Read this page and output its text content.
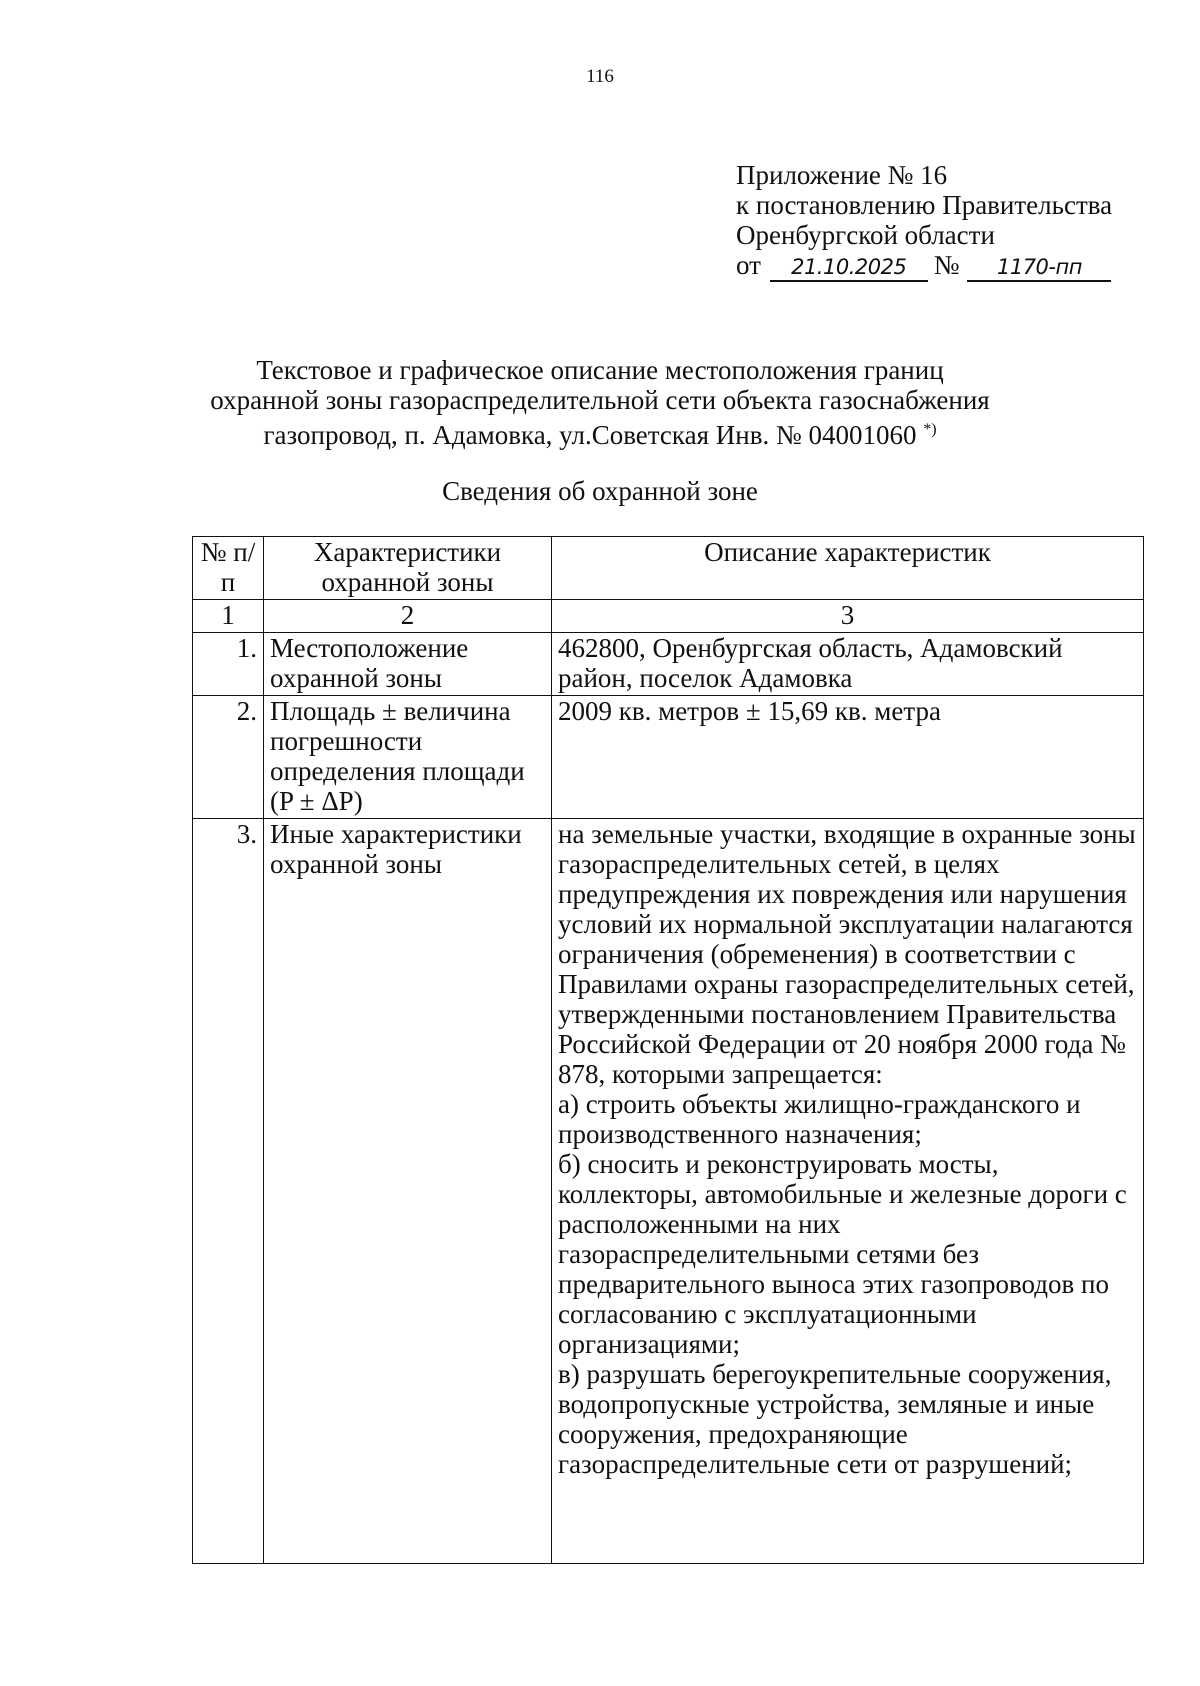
116
Приложение № 16
к постановлению Правительства
Оренбургской области
от 21.10.2025 № 1170-пп
Текстовое и графическое описание местоположения границ
охранной зоны газораспределительной сети объекта газоснабжения
газопровод, п. Адамовка, ул.Советская Инв. № 04001060 *)
Сведения об охранной зоне
№ п/п	Характеристики охранной зоны	Описание характеристик
1	2	3
1.	Местоположение охранной зоны	462800, Оренбургская область, Адамовский район, поселок Адамовка
2.	Площадь ± величина погрешности определения площади (P ± ΔP)	2009 кв. метров ± 15,69 кв. метра
3.	Иные характеристики охранной зоны	на земельные участки, входящие в охранные зоны газораспределительных сетей, в целях предупреждения их повреждения или нарушения условий их нормальной эксплуатации налагаются ограничения (обременения) в соответствии с Правилами охраны газораспределительных сетей, утвержденными постановлением Правительства Российской Федерации от 20 ноября 2000 года № 878, которыми запрещается:
а) строить объекты жилищно-гражданского и производственного назначения;
б) сносить и реконструировать мосты, коллекторы, автомобильные и железные дороги с расположенными на них газораспределительными сетями без предварительного выноса этих газопроводов по согласованию с эксплуатационными организациями;
в) разрушать берегоукрепительные сооружения, водопропускные устройства, земляные и иные сооружения, предохраняющие газораспределительные сети от разрушений;
